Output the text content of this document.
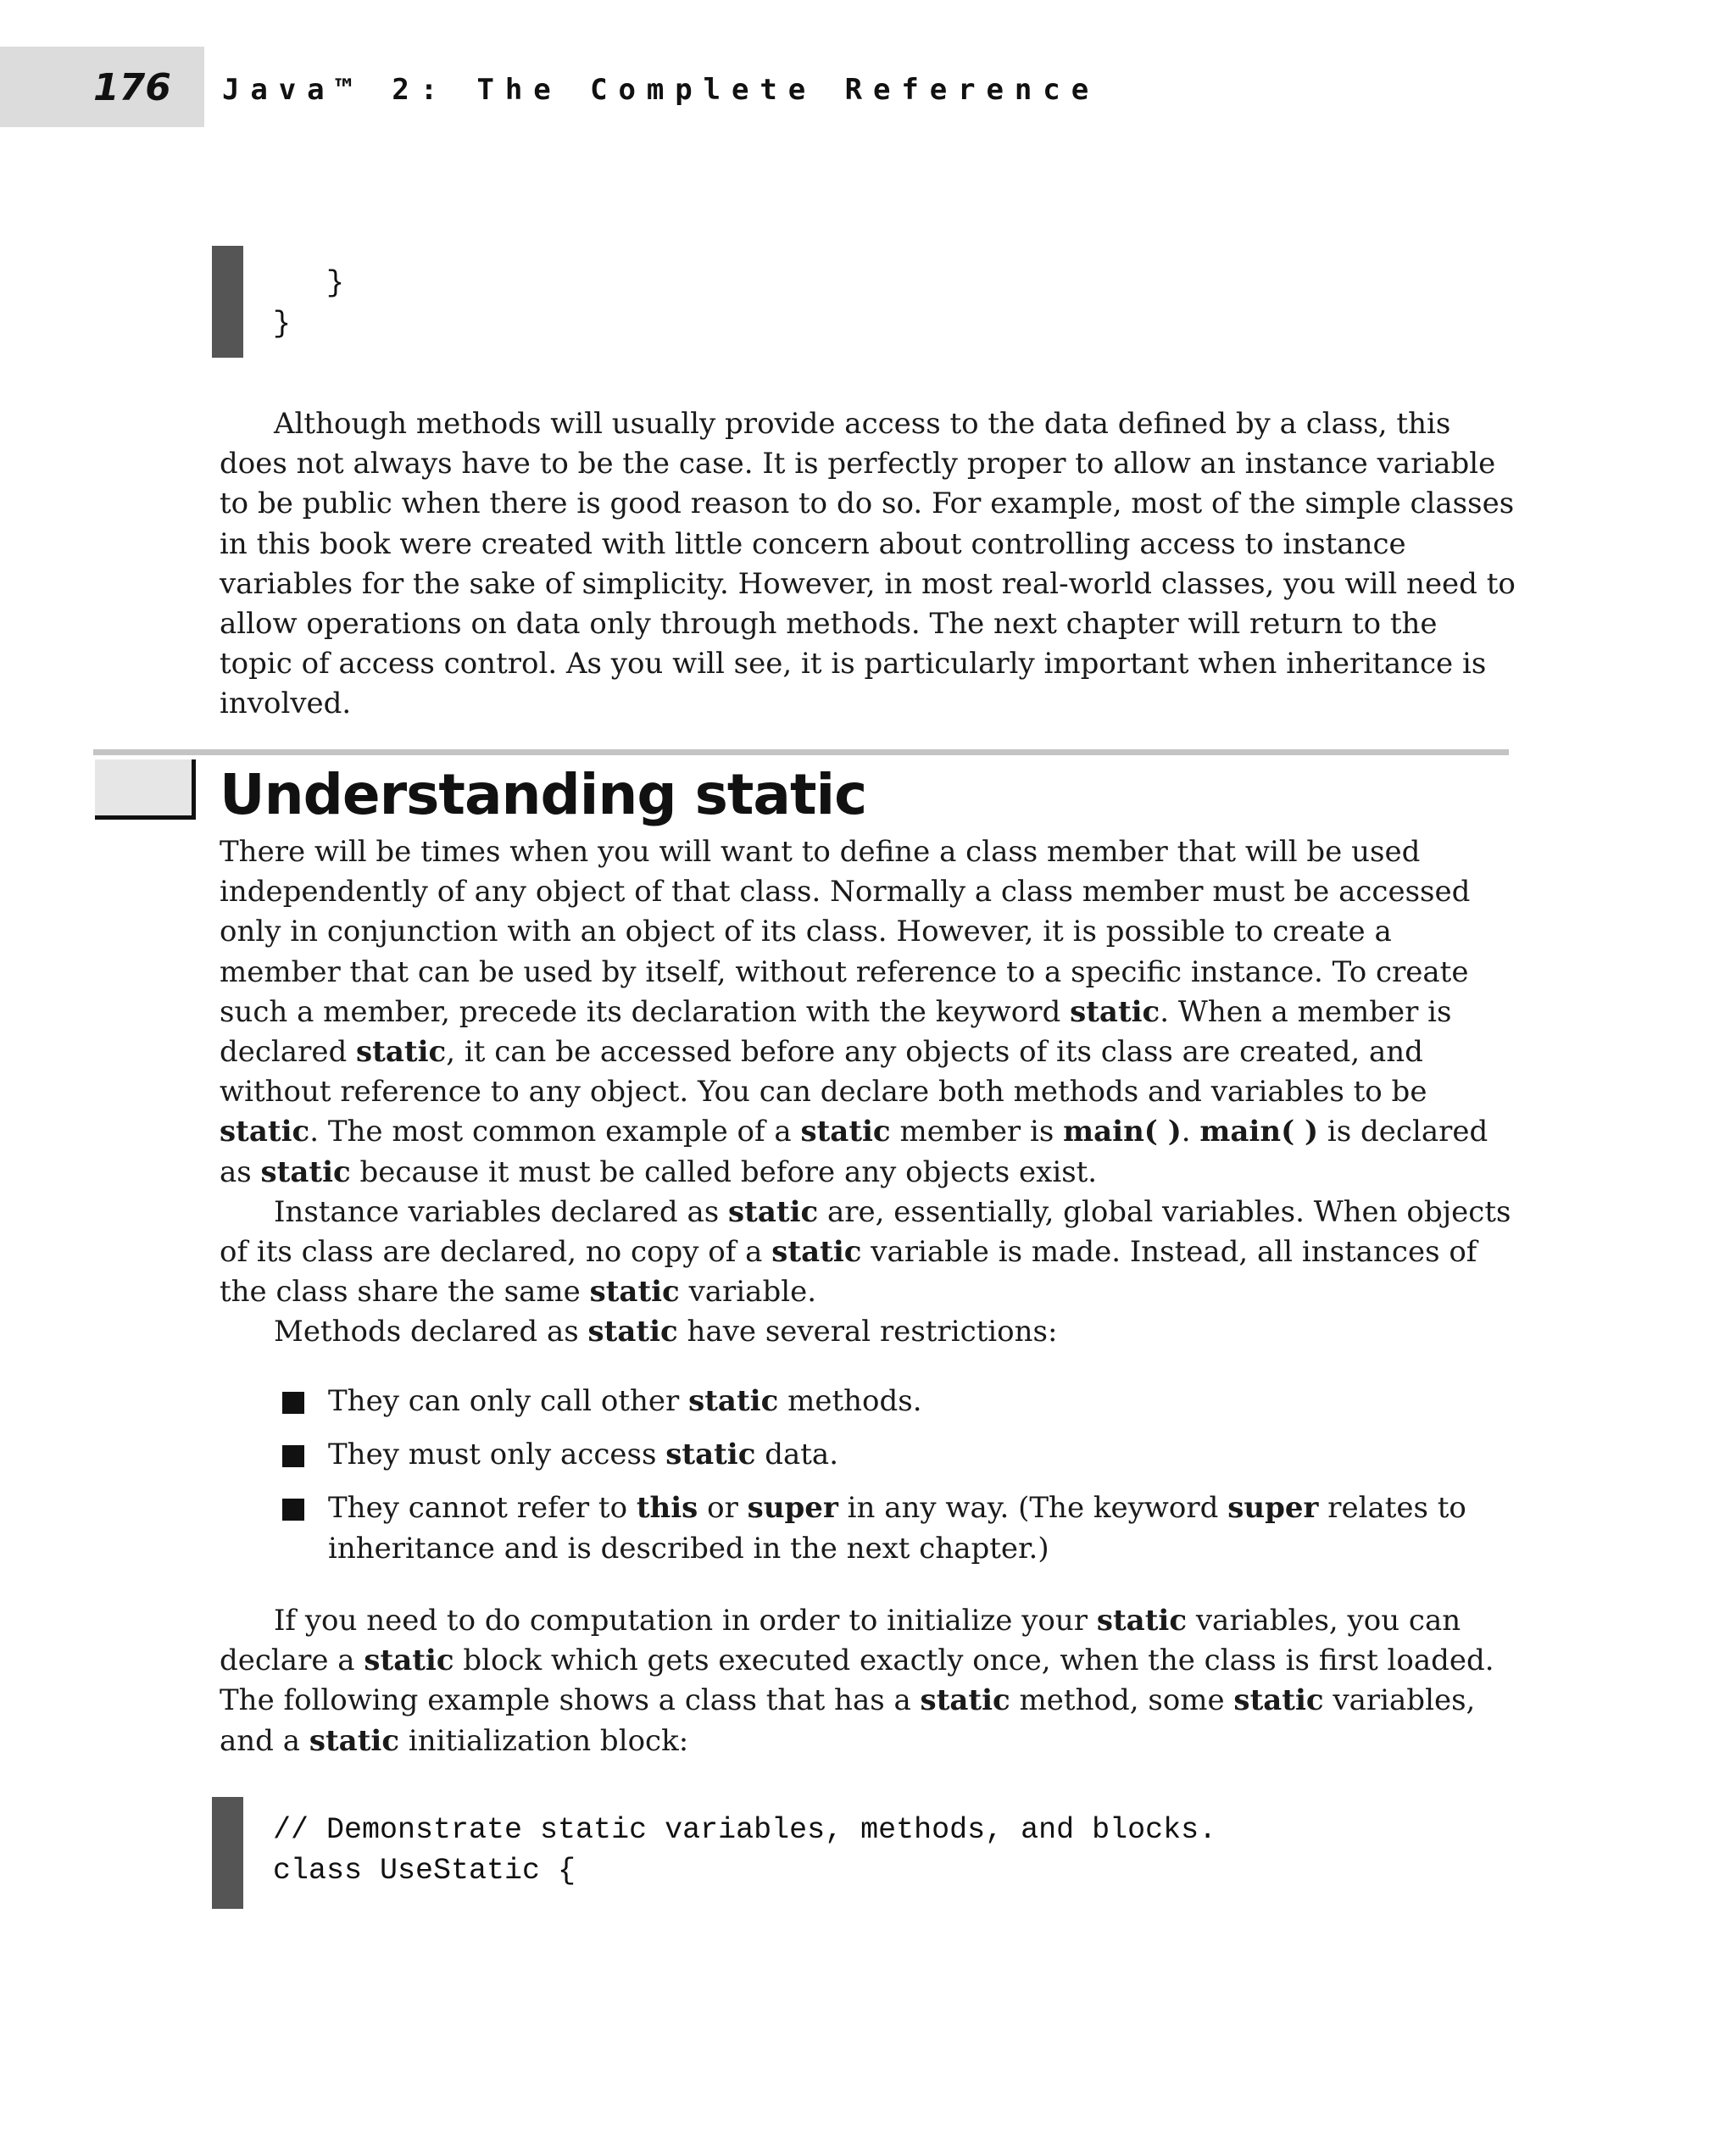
176 Java™ 2: The Complete Reference
}
}

Although methods will usually provide access to the data defined by a class, this does not always have to be the case. It is perfectly proper to allow an instance variable to be public when there is good reason to do so. For example, most of the simple classes in this book were created with little concern about controlling access to instance variables for the sake of simplicity. However, in most real-world classes, you will need to allow operations on data only through methods. The next chapter will return to the topic of access control. As you will see, it is particularly important when inheritance is involved.

Understanding static

There will be times when you will want to define a class member that will be used independently of any object of that class. Normally a class member must be accessed only in conjunction with an object of its class. However, it is possible to create a member that can be used by itself, without reference to a specific instance. To create such a member, precede its declaration with the keyword static. When a member is declared static, it can be accessed before any objects of its class are created, and without reference to any object. You can declare both methods and variables to be static. The most common example of a static member is main( ). main( ) is declared as static because it must be called before any objects exist.

Instance variables declared as static are, essentially, global variables. When objects of its class are declared, no copy of a static variable is made. Instead, all instances of the class share the same static variable.

Methods declared as static have several restrictions:

They can only call other static methods.
They must only access static data.
They cannot refer to this or super in any way. (The keyword super relates to inheritance and is described in the next chapter.)

If you need to do computation in order to initialize your static variables, you can declare a static block which gets executed exactly once, when the class is first loaded. The following example shows a class that has a static method, some static variables, and a static initialization block:

// Demonstrate static variables, methods, and blocks.
class UseStatic {
